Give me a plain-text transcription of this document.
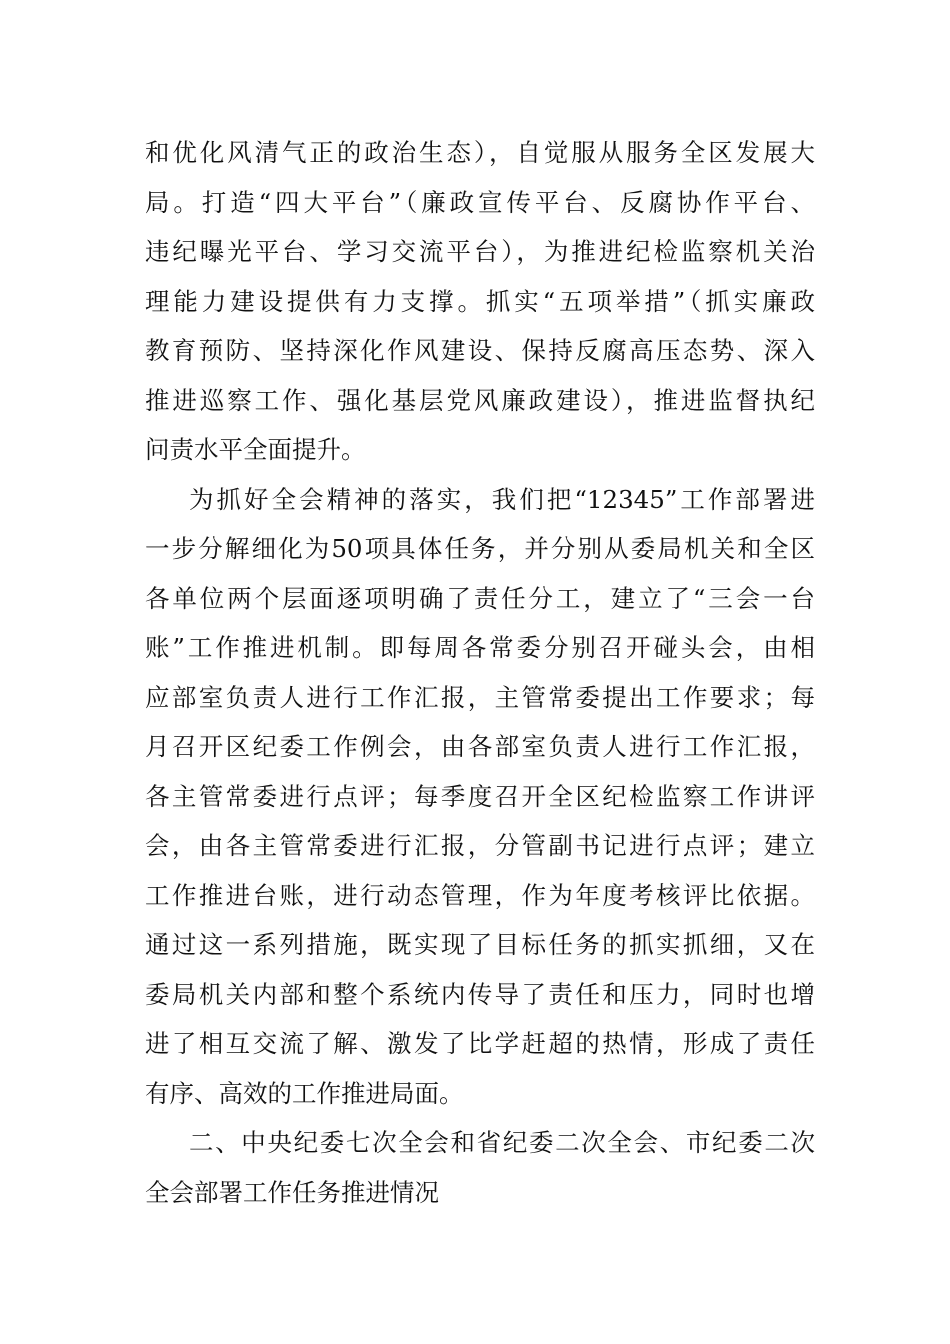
和优化风清气正的政治生态），自觉服从服务全区发展大
局。打造“四大平台”（廉政宣传平台、反腐协作平台、
违纪曝光平台、学习交流平台），为推进纪检监察机关治
理能力建设提供有力支撑。抓实“五项举措”（抓实廉政
教育预防、坚持深化作风建设、保持反腐高压态势、深入
推进巡察工作、强化基层党风廉政建设），推进监督执纪
问责水平全面提升。
为抓好全会精神的落实，我们把“12345”工作部署进
一步分解细化为50项具体任务，并分别从委局机关和全区
各单位两个层面逐项明确了责任分工，建立了“三会一台
账”工作推进机制。即每周各常委分别召开碰头会，由相
应部室负责人进行工作汇报，主管常委提出工作要求；每
月召开区纪委工作例会，由各部室负责人进行工作汇报，
各主管常委进行点评；每季度召开全区纪检监察工作讲评
会，由各主管常委进行汇报，分管副书记进行点评；建立
工作推进台账，进行动态管理，作为年度考核评比依据。
通过这一系列措施，既实现了目标任务的抓实抓细，又在
委局机关内部和整个系统内传导了责任和压力，同时也增
进了相互交流了解、激发了比学赶超的热情，形成了责任
有序、高效的工作推进局面。
二、中央纪委七次全会和省纪委二次全会、市纪委二次
全会部署工作任务推进情况
